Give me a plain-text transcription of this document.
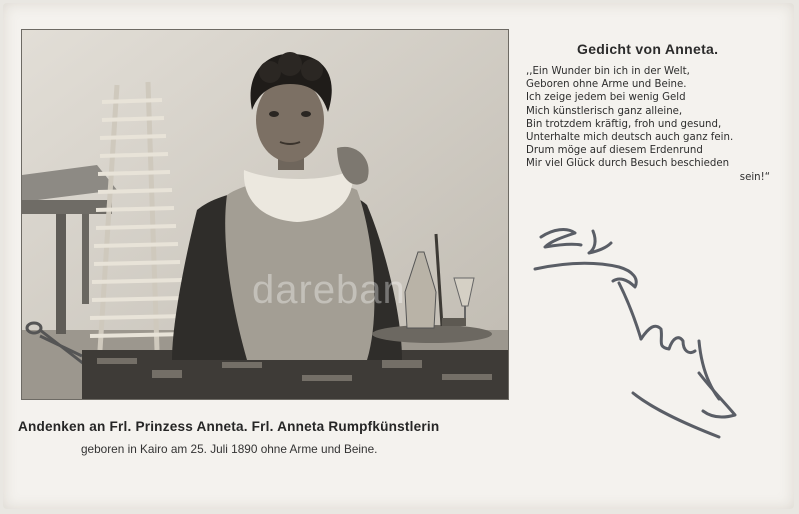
dareban
Gedicht von Anneta.
,,Ein Wunder bin ich in der Welt,
Geboren ohne Arme und Beine.
Ich zeige jedem bei wenig Geld
Mich künstlerisch ganz alleine,
Bin trotzdem kräftig, froh und gesund,
Unterhalte mich deutsch auch ganz fein.
Drum möge auf diesem Erdenrund
Mir viel Glück durch Besuch beschieden
sein!“
Andenken an Frl. Prinzess Anneta. Frl. Anneta Rumpfkünstlerin
geboren in Kairo am 25. Juli 1890 ohne Arme und Beine.
